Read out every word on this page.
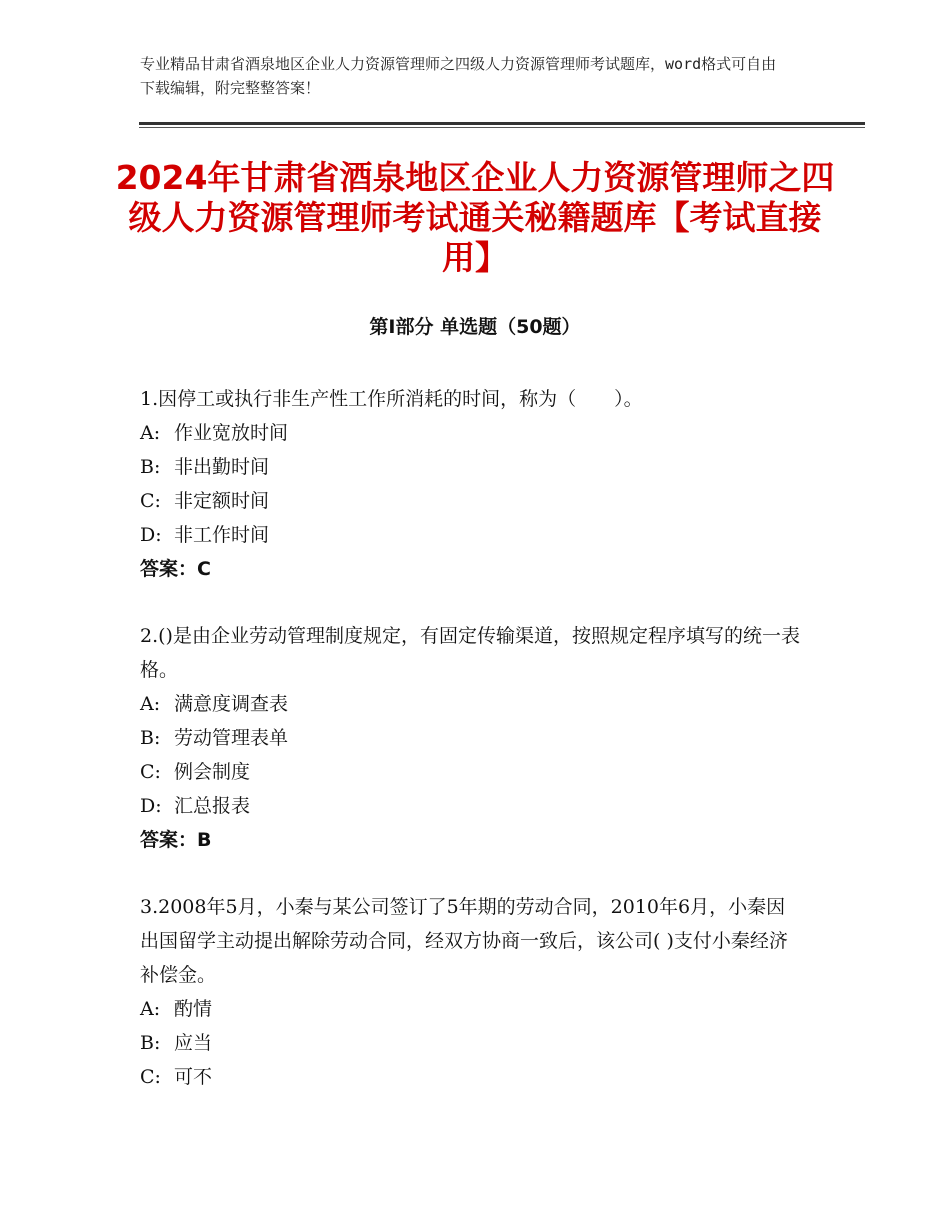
专业精品甘肃省酒泉地区企业人力资源管理师之四级人力资源管理师考试题库，word格式可自由下载编辑，附完整整答案！
2024年甘肃省酒泉地区企业人力资源管理师之四级人力资源管理师考试通关秘籍题库【考试直接用】
第Ⅰ部分 单选题（50题）

1.因停工或执行非生产性工作所消耗的时间，称为（　　）。

A: 作业宽放时间

B: 非出勤时间

C: 非定额时间

D: 非工作时间

答案：C

2.()是由企业劳动管理制度规定，有固定传输渠道，按照规定程序填写的统一表格。

A: 满意度调查表

B: 劳动管理表单

C: 例会制度

D: 汇总报表

答案：B

3.2008年5月，小秦与某公司签订了5年期的劳动合同，2010年6月，小秦因出国留学主动提出解除劳动合同，经双方协商一致后，该公司( )支付小秦经济补偿金。

A: 酌情

B: 应当

C: 可不
